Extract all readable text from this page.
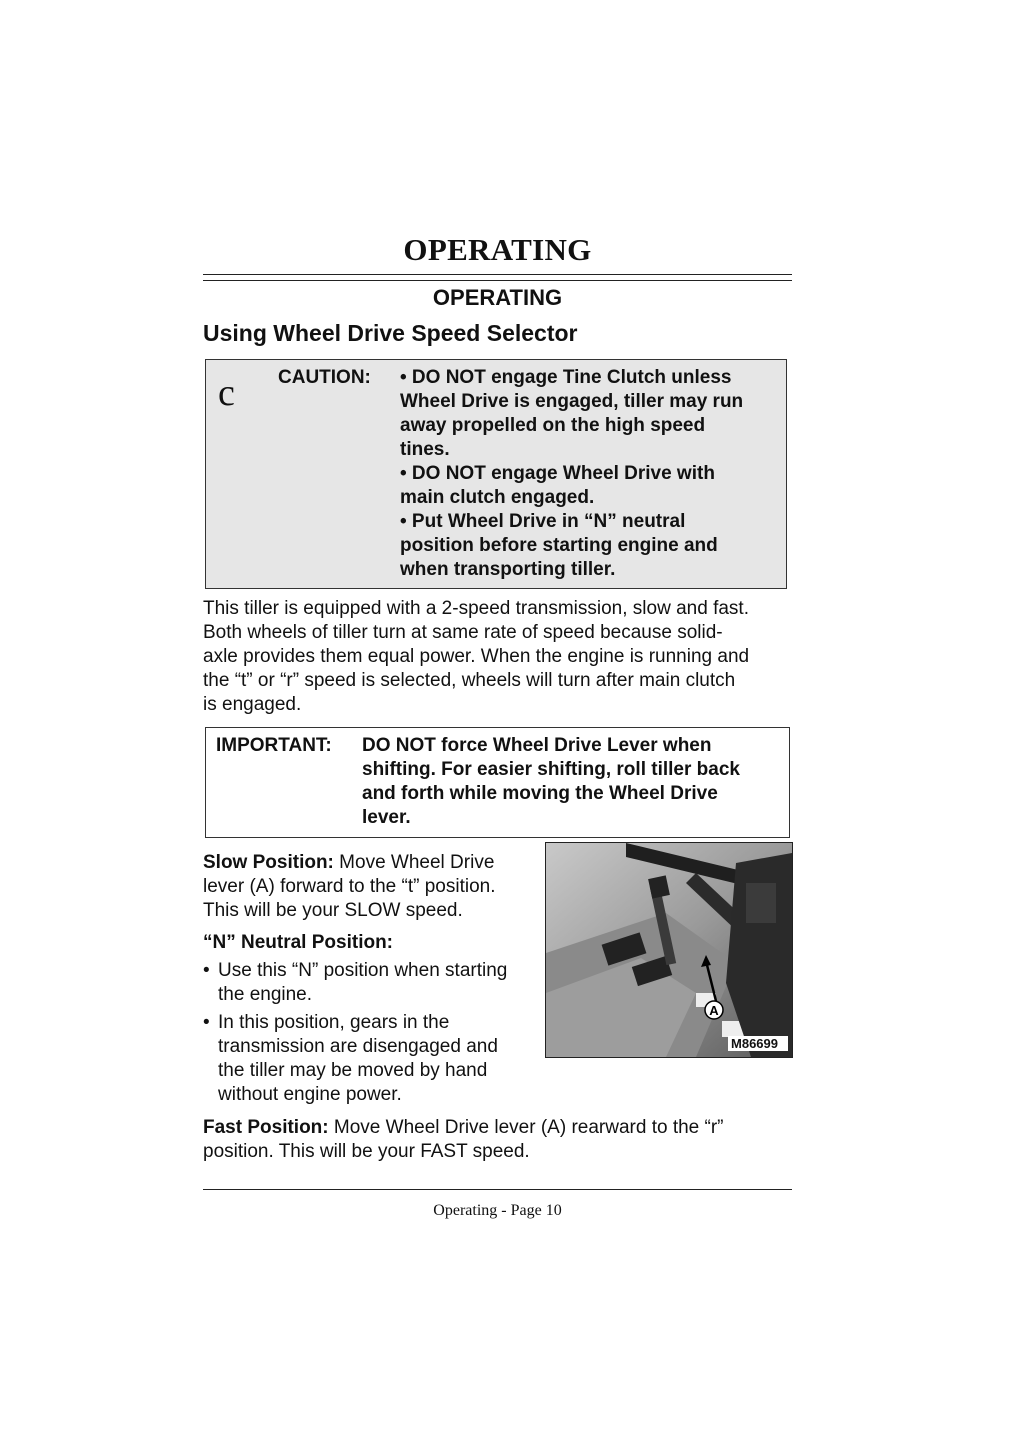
OPERATING
OPERATING
Using Wheel Drive Speed Selector
c CAUTION: • DO NOT engage Tine Clutch unless
Wheel Drive is engaged, tiller may run
away propelled on the high speed
tines.
• DO NOT engage Wheel Drive with
main clutch engaged.
• Put Wheel Drive in “N” neutral
position before starting engine and
when transporting tiller.
This tiller is equipped with a 2-speed transmission, slow and fast.
Both wheels of tiller turn at same rate of speed because solid-
axle provides them equal power. When the engine is running and
the “t” or “r” speed is selected, wheels will turn after main clutch
is engaged.
IMPORTANT: DO NOT force Wheel Drive Lever when
shifting. For easier shifting, roll tiller back
and forth while moving the Wheel Drive
lever.

Slow Position: Move Wheel Drive
lever (A) forward to the “t” position.
This will be your SLOW speed.

“N” Neutral Position:

• Use this “N” position when starting
the engine.

• In this position, gears in the
transmission are disengaged and
the tiller may be moved by hand
without engine power.

A
M86699
Fast Position: Move Wheel Drive lever (A) rearward to the “r”
position. This will be your FAST speed.
Operating - Page 10
